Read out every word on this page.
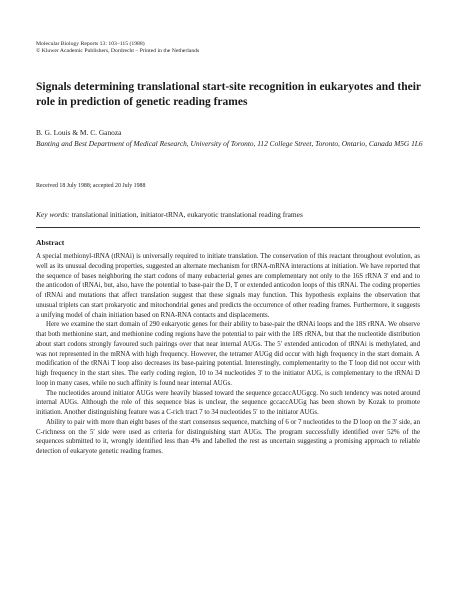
Molecular Biology Reports 13: 103–115 (1988)
© Kluwer Academic Publishers, Dordrecht – Printed in the Netherlands
Signals determining translational start-site recognition in eukaryotes and their role in prediction of genetic reading frames
B. G. Louis & M. C. Ganoza
Banting and Best Department of Medical Research, University of Toronto, 112 College Street, Toronto, Ontario, Canada M5G 1L6
Received 18 July 1988; accepted 20 July 1988
Key words: translational initiation, initiator-tRNA, eukaryotic translational reading frames
Abstract

A special methionyl-tRNA (tRNAi) is universally required to initiate translation. The conservation of this reactant throughout evolution, as well as its unusual decoding properties, suggested an alternate mechanism for tRNA-mRNA interactions at initiation. We have reported that the sequence of bases neighboring the start codons of many eubacterial genes are complementary not only to the 16S rRNA 3′ end and to the anticodon of tRNAi, but, also, have the potential to base-pair the D, T or extended anticodon loops of this tRNAi. The coding properties of tRNAi and mutations that affect translation suggest that these signals may function. This hypothesis explains the observation that unusual triplets can start prokaryotic and mitochondrial genes and predicts the occurrence of other reading frames. Furthermore, it suggests a unifying model of chain initiation based on RNA-RNA contacts and displacements.

Here we examine the start domain of 290 eukaryotic genes for their ability to base-pair the tRNAi loops and the 18S rRNA. We observe that both methionine start, and methionine coding regions have the potential to pair with the 18S rRNA, but that the nucleotide distribution about start codons strongly favoured such pairings over that near internal AUGs. The 5′ extended anticodon of tRNAi is methylated, and was not represented in the mRNA with high frequency. However, the tetramer AUGg did occur with high frequency in the start domain. A modification of the tRNAi T loop also decreases its base-pairing potential. Interestingly, complementarity to the T loop did not occur with high frequency in the start sites. The early coding region, 10 to 34 nucleotides 3′ to the initiator AUG, is complementary to the tRNAi D loop in many cases, while no such affinity is found near internal AUGs.

The nucleotides around initiator AUGs were heavily biassed toward the sequence gccaccAUGgcg. No such tendency was noted around internal AUGs. Although the role of this sequence bias is unclear, the sequence gccaccAUGg has been shown by Kozak to promote initiation. Another distinguishing feature was a C-rich tract 7 to 34 nucleotides 5′ to the initiator AUGs.

Ability to pair with more than eight bases of the start consensus sequence, matching of 6 or 7 nucleotides to the D loop on the 3′ side, an C-richness on the 5′ side were used as criteria for distinguishing start AUGs. The program successfully identified over 52% of the sequences submitted to it, wrongly identified less than 4% and labelled the rest as uncertain suggesting a promising approach to reliable detection of eukaryote genetic reading frames.
